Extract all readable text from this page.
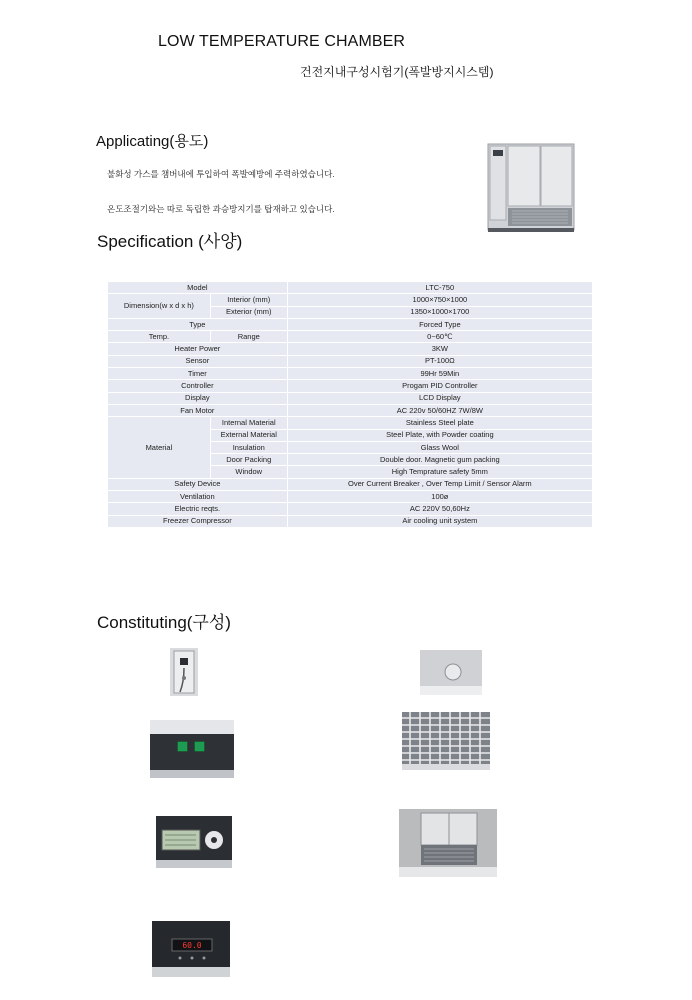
LOW TEMPERATURE CHAMBER
건전지내구성시험기(폭발방지시스템)
Applicating(용도)
불화성 가스를 챔버내에 투입하여 폭발예방에 주력하였습니다.
온도조절기와는 따로 독립한 과승방지기를 탑재하고 있습니다.
Specification (사양)
Model		LTC-750
Dimension(w x d x h)	Interior (mm)	1000×750×1000
	Exterior (mm)	1350×1000×1700
Type		Forced Type
Temp.	Range	0~60℃
Heater Power		3KW
Sensor		PT-100Ω
Timer		99Hr 59Min
Controller		Progam PID Controller
Display		LCD Display
Fan Motor		AC 220v 50/60HZ 7W/8W
Material	Internal Material	Stainless Steel plate
	External Material	Steel Plate, with Powder coating
	Insulation	Glass Wool
	Door Packing	Double door. Magnetic gum packing
	Window	High Temprature safety 5mm
Safety Device		Over Current Breaker , Over Temp Limit / Sensor Alarm
Ventilation		100ø
Electric reqts.		AC 220V 50,60Hz
Freezer Compressor		Air cooling unit system
Constituting(구성)
60.0
